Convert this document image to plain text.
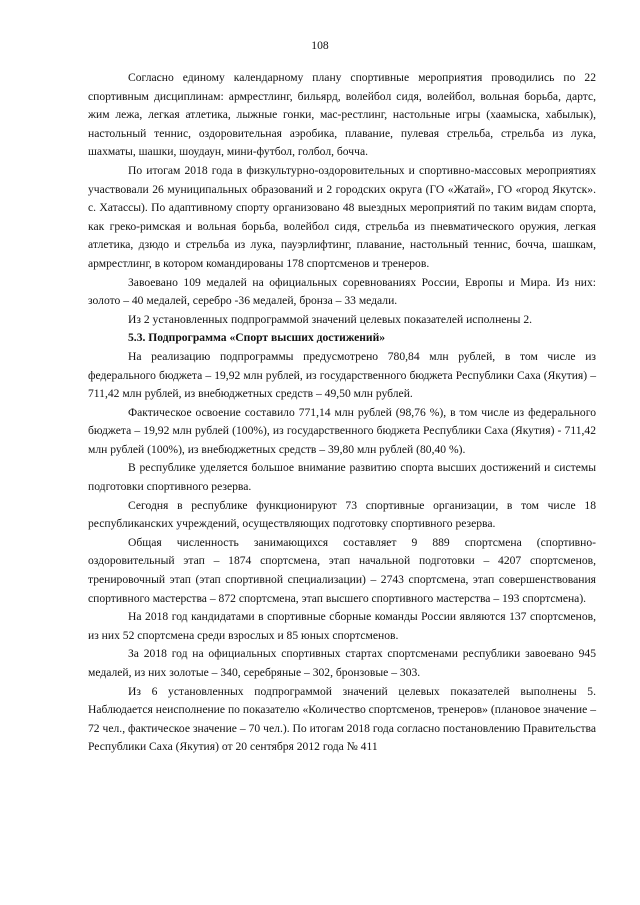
108

Согласно единому календарному плану спортивные мероприятия проводились по 22 спортивным дисциплинам: армрестлинг, бильярд, волейбол сидя, волейбол, вольная борьба, дартс, жим лежа, легкая атлетика, лыжные гонки, мас-рестлинг, настольные игры (хаамыска, хабылык), настольный теннис, оздоровительная аэробика, плавание, пулевая стрельба, стрельба из лука, шахматы, шашки, шоудаун, мини-футбол, голбол, бочча.

По итогам 2018 года в физкультурно-оздоровительных и спортивно-массовых мероприятиях участвовали 26 муниципальных образований и 2 городских округа (ГО «Жатай», ГО «город Якутск». с. Хатассы). По адаптивному спорту организовано 48 выездных мероприятий по таким видам спорта, как греко-римская и вольная борьба, волейбол сидя, стрельба из пневматического оружия, легкая атлетика, дзюдо и стрельба из лука, пауэрлифтинг, плавание, настольный теннис, бочча, шашкам, армрестлинг, в котором командированы 178 спортсменов и тренеров.

Завоевано 109 медалей на официальных соревнованиях России, Европы и Мира. Из них: золото – 40 медалей, серебро -36 медалей, бронза – 33 медали.

Из 2 установленных подпрограммой значений целевых показателей исполнены 2.

5.3. Подпрограмма «Спорт высших достижений»

На реализацию подпрограммы предусмотрено 780,84 млн рублей, в том числе из федерального бюджета – 19,92 млн рублей, из государственного бюджета Республики Саха (Якутия) – 711,42 млн рублей, из внебюджетных средств – 49,50 млн рублей.

Фактическое освоение составило 771,14 млн рублей (98,76 %), в том числе из федерального бюджета – 19,92 млн рублей (100%), из государственного бюджета Республики Саха (Якутия) - 711,42 млн рублей (100%), из внебюджетных средств – 39,80 млн рублей (80,40 %).

В республике уделяется большое внимание развитию спорта высших достижений и системы подготовки спортивного резерва.

Сегодня в республике функционируют 73 спортивные организации, в том числе 18 республиканских учреждений, осуществляющих подготовку спортивного резерва.

Общая численность занимающихся составляет 9 889 спортсмена (спортивно-оздоровительный этап – 1874 спортсмена, этап начальной подготовки – 4207 спортсменов, тренировочный этап (этап спортивной специализации) – 2743 спортсмена, этап совершенствования спортивного мастерства – 872 спортсмена, этап высшего спортивного мастерства – 193 спортсмена).

На 2018 год кандидатами в спортивные сборные команды России являются 137 спортсменов, из них 52 спортсмена среди взрослых и 85 юных спортсменов.

За 2018 год на официальных спортивных стартах спортсменами республики завоевано 945 медалей, из них золотые – 340, серебряные – 302, бронзовые – 303.

Из 6 установленных подпрограммой значений целевых показателей выполнены 5. Наблюдается неисполнение по показателю «Количество спортсменов, тренеров» (плановое значение – 72 чел., фактическое значение – 70 чел.). По итогам 2018 года согласно постановлению Правительства Республики Саха (Якутия) от 20 сентября 2012 года № 411
